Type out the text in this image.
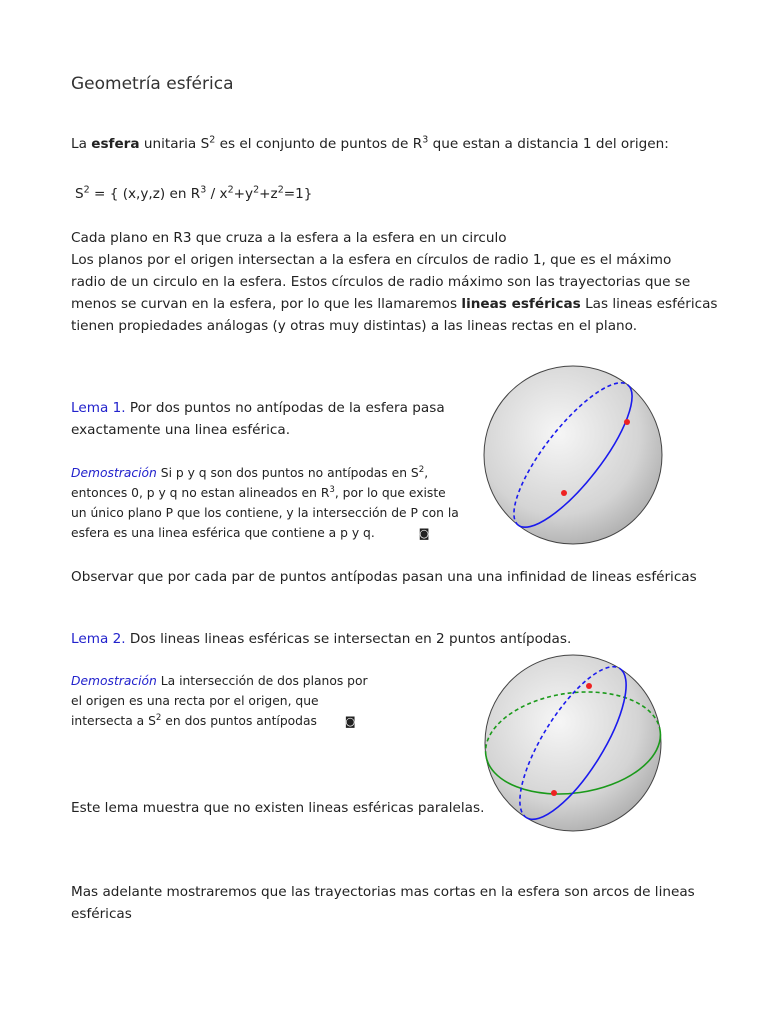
Geometría esférica
La esfera unitaria $S^2$ es el conjunto de puntos de $R^3$ que estan a distancia 1 del origen:
$S^2$ = { (x,y,z) en $R^3 / x^2+y^2+z^2=1$}
Cada plano en R3 que cruza a la esfera a la esfera en un circulo
Los planos por el origen intersectan a la esfera en círculos de radio 1, que es el máximo
radio de un circulo en la esfera. Estos círculos de radio máximo son las trayectorias que se
menos se curvan en la esfera, por lo que les llamaremos lineas esféricas Las lineas esféricas
tienen propiedades análogas (y otras muy distintas) a las lineas rectas en el plano.
Lema 1. Por dos puntos no antípodas de la esfera pasa
exactamente una linea esférica.
Demostración Si p y q son dos puntos no antípodas en $S^2$,
entonces 0, p y q no estan alineados en $R^3$, por lo que existe
un único plano P que los contiene, y la intersección de P con la
esfera es una linea esférica que contiene a p y q.	◙
Observar que por cada par de puntos antípodas pasan una una infinidad de lineas esféricas
Lema 2. Dos lineas lineas esféricas se intersectan en 2 puntos antípodas.
Demostración La intersección de dos planos por
el origen es una recta por el origen, que
intersecta a $S^2$ en dos puntos antípodas	◙
Este lema muestra que no existen lineas esféricas paralelas.
Mas adelante mostraremos que las trayectorias mas cortas en la esfera son arcos de lineas
esféricas
